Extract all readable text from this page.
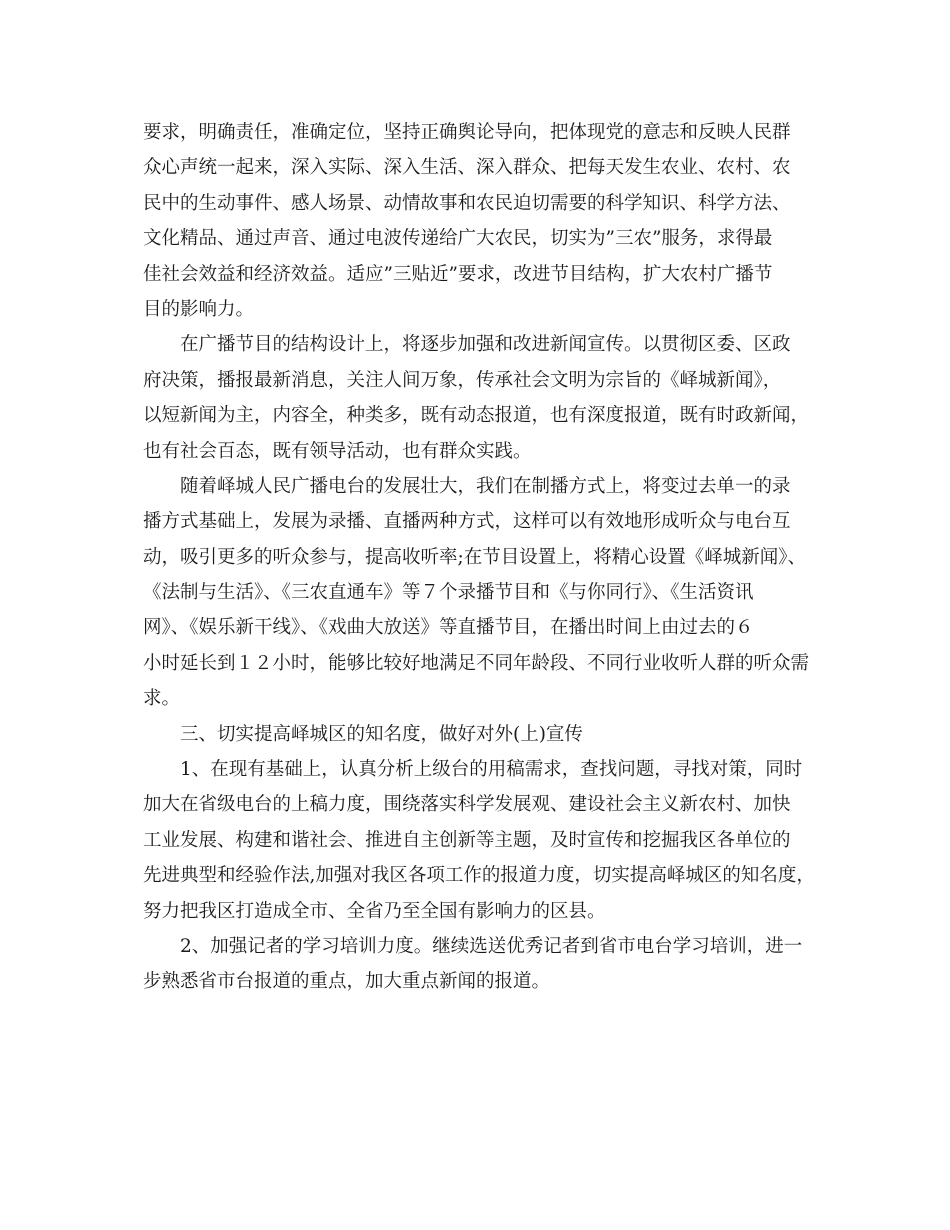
要求，明确责任，准确定位，坚持正确舆论导向，把体现党的意志和反映人民群
众心声统一起来，深入实际、深入生活、深入群众、把每天发生农业、农村、农
民中的生动事件、感人场景、动情故事和农民迫切需要的科学知识、科学方法、
文化精品、通过声音、通过电波传递给广大农民，切实为”三农”服务，求得最
佳社会效益和经济效益。适应”三贴近”要求，改进节目结构，扩大农村广播节
目的影响力。
在广播节目的结构设计上，将逐步加强和改进新闻宣传。以贯彻区委、区政
府决策，播报最新消息，关注人间万象，传承社会文明为宗旨的《峄城新闻》，
以短新闻为主，内容全，种类多，既有动态报道，也有深度报道，既有时政新闻，
也有社会百态，既有领导活动，也有群众实践。
随着峄城人民广播电台的发展壮大，我们在制播方式上，将变过去单一的录
播方式基础上，发展为录播、直播两种方式，这样可以有效地形成听众与电台互
动，吸引更多的听众参与，提高收听率;在节目设置上，将精心设置《峄城新闻》、
《法制与生活》、《三农直通车》等７个录播节目和《与你同行》、《生活资讯
网》、《娱乐新干线》、《戏曲大放送》等直播节目，在播出时间上由过去的６
小时延长到１２小时，能够比较好地满足不同年龄段、不同行业收听人群的听众需
求。
三、切实提高峄城区的知名度，做好对外(上)宣传
1、在现有基础上，认真分析上级台的用稿需求，查找问题，寻找对策，同时
加大在省级电台的上稿力度，围绕落实科学发展观、建设社会主义新农村、加快
工业发展、构建和谐社会、推进自主创新等主题，及时宣传和挖掘我区各单位的
先进典型和经验作法,加强对我区各项工作的报道力度，切实提高峄城区的知名度，
努力把我区打造成全市、全省乃至全国有影响力的区县。
2、加强记者的学习培训力度。继续选送优秀记者到省市电台学习培训，进一
步熟悉省市台报道的重点，加大重点新闻的报道。
